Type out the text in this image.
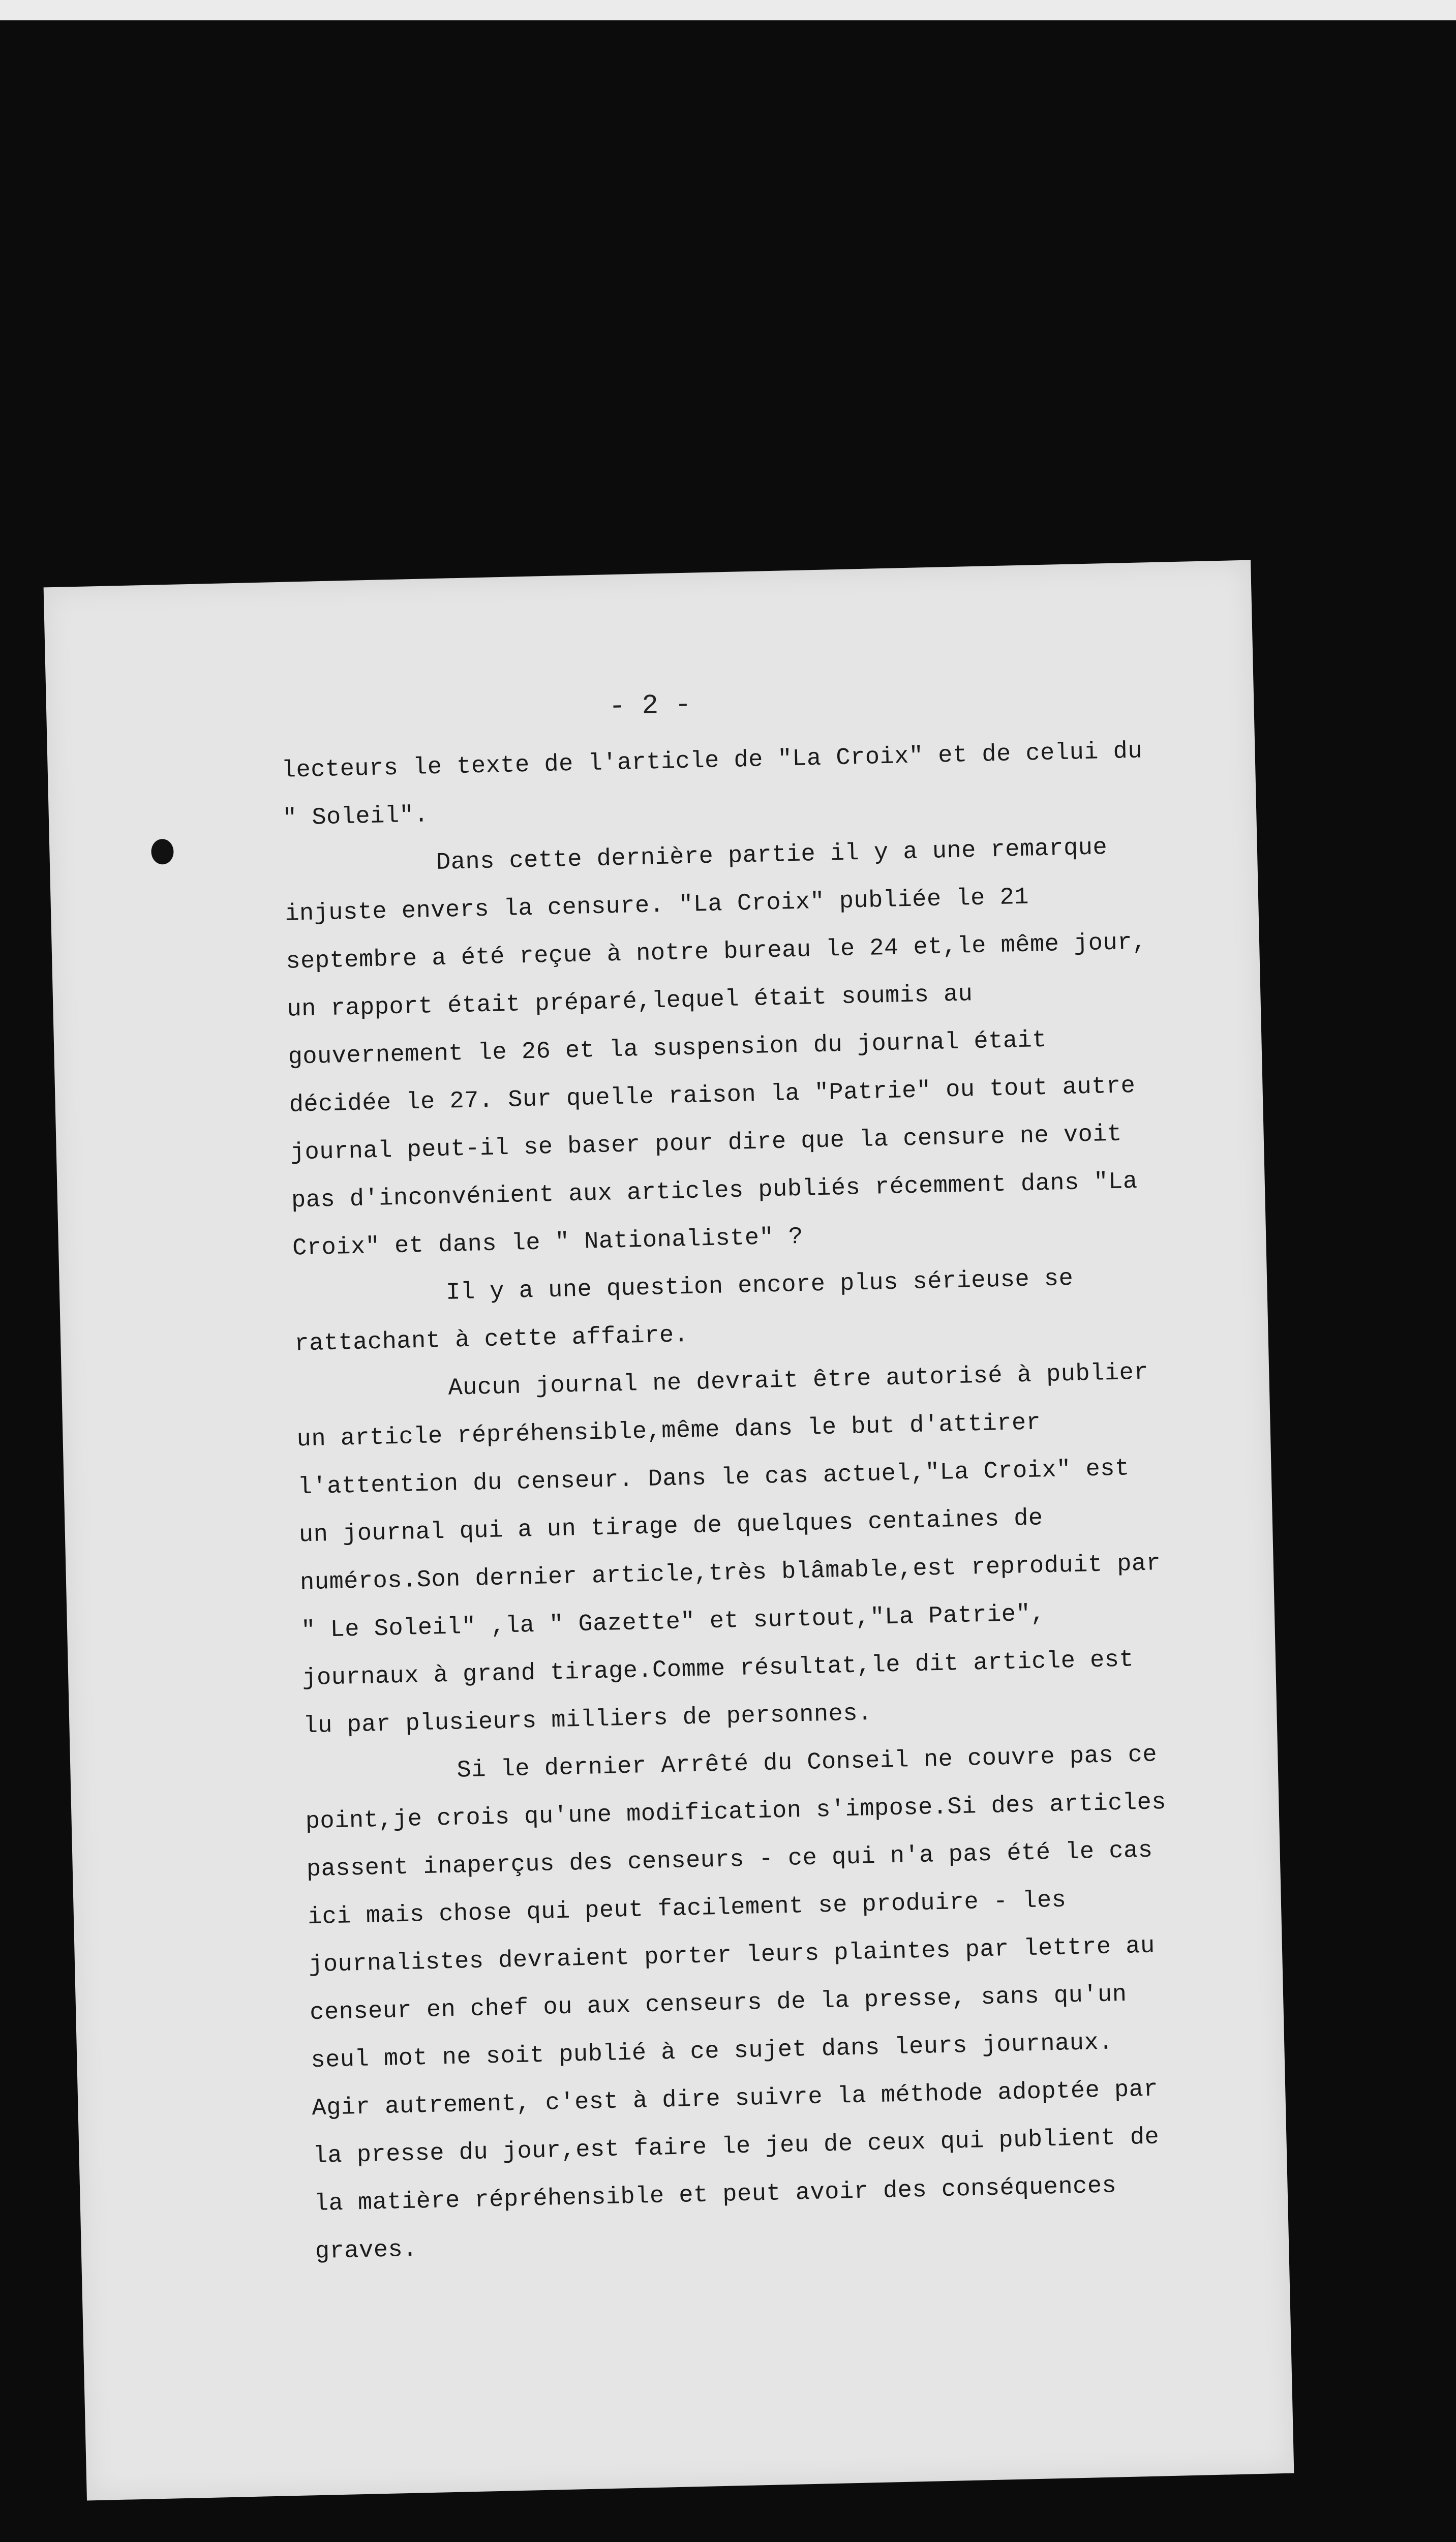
- 2 -

lecteurs le texte de l'article de "La Croix" et de celui du " Soleil".

Dans cette dernière partie il y a une remarque injuste envers la censure. "La Croix" publiée le 21 septembre a été reçue à notre bureau le 24 et,le même jour, un rapport était préparé,lequel était soumis au gouvernement le 26 et la suspension du journal était décidée le 27. Sur quelle raison la "Patrie" ou tout autre journal peut-il se baser pour dire que la censure ne voit pas d'inconvénient aux articles publiés récemment dans "La Croix" et dans le " Nationaliste" ?

Il y a une question encore plus sérieuse se rattachant à cette affaire.

Aucun journal ne devrait être autorisé à publier un article répréhensible,même dans le but d'attirer l'attention du censeur. Dans le cas actuel,"La Croix" est un journal qui a un tirage de quelques centaines de numéros.Son dernier article,très blâmable,est reproduit par " Le Soleil" ,la " Gazette" et surtout,"La Patrie", journaux à grand tirage.Comme résultat,le dit article est lu par plusieurs milliers de personnes.

Si le dernier Arrêté du Conseil ne couvre pas ce point,je crois qu'une modification s'impose.Si des articles passent inaperçus des censeurs - ce qui n'a pas été le cas ici mais chose qui peut facilement se produire - les journalistes devraient porter leurs plaintes par lettre au censeur en chef ou aux censeurs de la presse, sans qu'un seul mot ne soit publié à ce sujet dans leurs journaux. Agir autrement, c'est à dire suivre la méthode adoptée par la presse du jour,est faire le jeu de ceux qui publient de la matière répréhensible et peut avoir des conséquences graves.
